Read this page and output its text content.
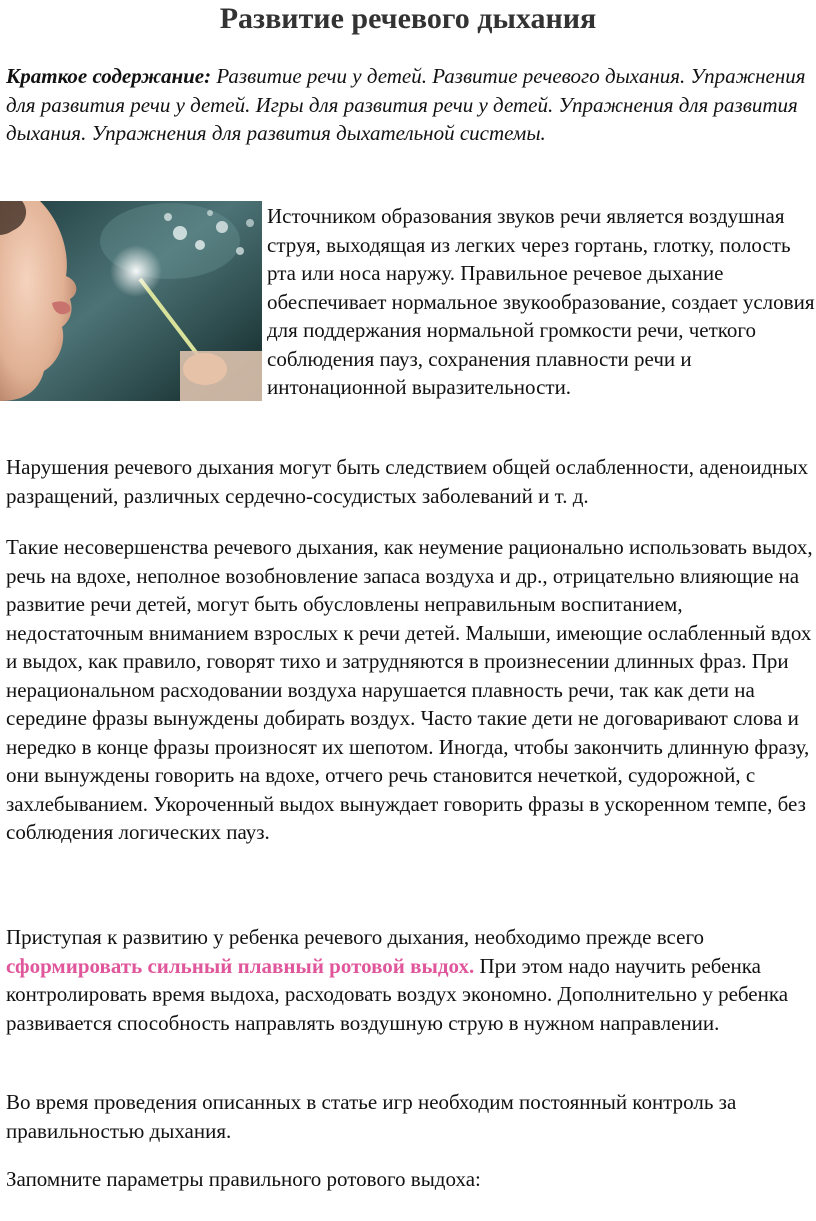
Развитие речевого дыхания

Краткое содержание: Развитие речи у детей. Развитие речевого дыхания. Упражнения для развития речи у детей. Игры для развития речи у детей. Упражнения для развития дыхания. Упражнения для развития дыхательной системы.

Источником образования звуков речи является воздушная струя, выходящая из легких через гортань, глотку, полость рта или носа наружу. Правильное речевое дыхание обеспечивает нормальное звукообразование, создает условия для поддержания нормальной громкости речи, четкого соблюдения пауз, сохранения плавности речи и интонационной выразительности.

Нарушения речевого дыхания могут быть следствием общей ослабленности, аденоидных разращений, различных сердечно-сосудистых заболеваний и т. д.

Такие несовершенства речевого дыхания, как неумение рационально использовать выдох, речь на вдохе, неполное возобновление запаса воздуха и др., отрицательно влияющие на развитие речи детей, могут быть обусловлены неправильным воспитанием, недостаточным вниманием взрослых к речи детей. Малыши, имеющие ослабленный вдох и выдох, как правило, говорят тихо и затрудняются в произнесении длинных фраз. При нерациональном расходовании воздуха нарушается плавность речи, так как дети на середине фразы вынуждены добирать воздух. Часто такие дети не договаривают слова и нередко в конце фразы произносят их шепотом. Иногда, чтобы закончить длинную фразу, они вынуждены говорить на вдохе, отчего речь становится нечеткой, судорожной, с захлебыванием. Укороченный выдох вынуждает говорить фразы в ускоренном темпе, без соблюдения логических пауз.

Приступая к развитию у ребенка речевого дыхания, необходимо прежде всего сформировать сильный плавный ротовой выдох. При этом надо научить ребенка контролировать время выдоха, расходовать воздух экономно. Дополнительно у ребенка развивается способность направлять воздушную струю в нужном направлении.

Во время проведения описанных в статье игр необходим постоянный контроль за правильностью дыхания.

Запомните параметры правильного ротового выдоха:
